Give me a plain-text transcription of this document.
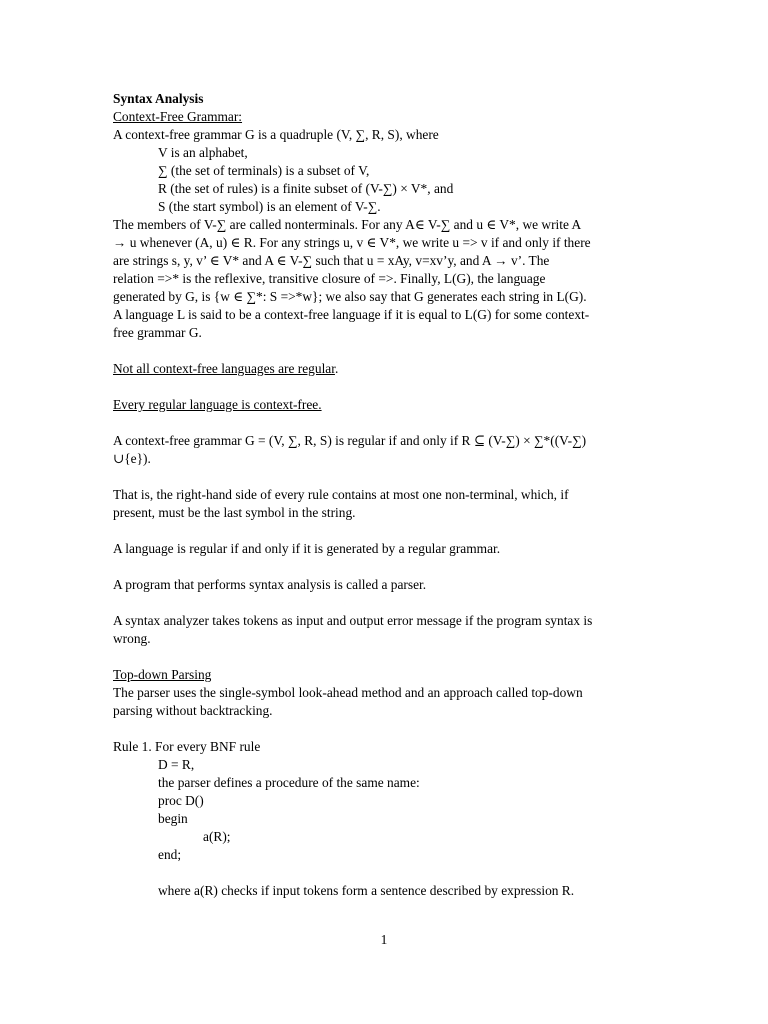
Syntax Analysis
Context-Free Grammar:
A context-free grammar G is a quadruple (V, ∑, R, S), where
V is an alphabet,
∑ (the set of terminals) is a subset of V,
R (the set of rules) is a finite subset of (V-∑) × V*, and
S (the start symbol) is an element of V-∑.
The members of V-∑ are called nonterminals. For any A∈ V-∑ and u ∈ V*, we write A
→ u whenever (A, u) ∈ R. For any strings u, v ∈ V*, we write u => v if and only if there
are strings s, y, v’ ∈ V* and A ∈ V-∑ such that u = xAy, v=xv’y, and A → v’. The
relation =>* is the reflexive, transitive closure of =>. Finally, L(G), the language
generated by G, is {w ∈ ∑*: S =>*w}; we also say that G generates each string in L(G).
A language L is said to be a context-free language if it is equal to L(G) for some context-
free grammar G.
Not all context-free languages are regular.
Every regular language is context-free.
A context-free grammar G = (V, ∑, R, S) is regular if and only if R ⊆ (V-∑) × ∑*((V-∑)
∪{e}).
That is, the right-hand side of every rule contains at most one non-terminal, which, if
present, must be the last symbol in the string.
A language is regular if and only if it is generated by a regular grammar.
A program that performs syntax analysis is called a parser.
A syntax analyzer takes tokens as input and output error message if the program syntax is
wrong.
Top-down Parsing
The parser uses the single-symbol look-ahead method and an approach called top-down
parsing without backtracking.
Rule 1. For every BNF rule
D = R,
the parser defines a procedure of the same name:
proc D()
begin
a(R);
end;
where a(R) checks if input tokens form a sentence described by expression R.
1
